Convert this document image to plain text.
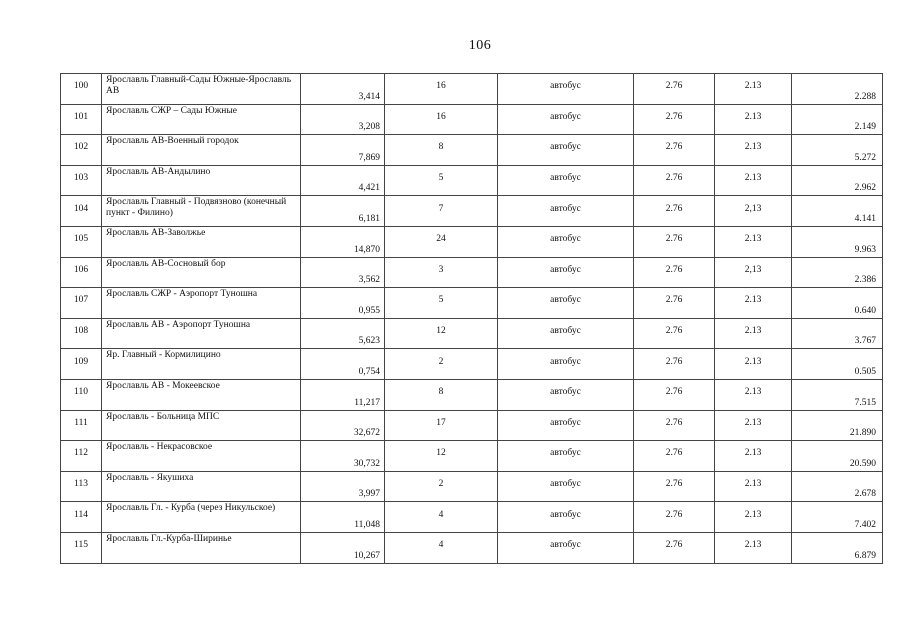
106
100	Ярославль Главный-Сады Южные-Ярославль АВ	3,414	16	автобус	2.76	2.13	2.288
101	Ярославль СЖР – Сады Южные	3,208	16	автобус	2.76	2.13	2.149
102	Ярославль АВ-Военный городок	7,869	8	автобус	2.76	2.13	5.272
103	Ярославль АВ-Андылино	4,421	5	автобус	2.76	2.13	2.962
104	Ярославль Главный - Подвязново (конечный пункт - Филино)	6,181	7	автобус	2.76	2,13	4.141
105	Ярославль АВ-Заволжье	14,870	24	автобус	2.76	2.13	9.963
106	Ярославль АВ-Сосновый бор	3,562	3	автобус	2.76	2,13	2.386
107	Ярославль СЖР - Аэропорт Туношна	0,955	5	автобус	2.76	2.13	0.640
108	Ярославль АВ - Аэропорт Туношна	5,623	12	автобус	2.76	2.13	3.767
109	Яр. Главный - Кормилицино	0,754	2	автобус	2.76	2.13	0.505
110	Ярославль АВ - Мокеевское	11,217	8	автобус	2.76	2.13	7.515
111	Ярославль - Больница МПС	32,672	17	автобус	2.76	2.13	21.890
112	Ярославль - Некрасовское	30,732	12	автобус	2.76	2.13	20.590
113	Ярославль - Якушиха	3,997	2	автобус	2.76	2.13	2.678
114	Ярославль Гл. - Курба (через Никульское)	11,048	4	автобус	2.76	2.13	7.402
115	Ярославль Гл.-Курба-Ширинье	10,267	4	автобус	2.76	2.13	6.879
